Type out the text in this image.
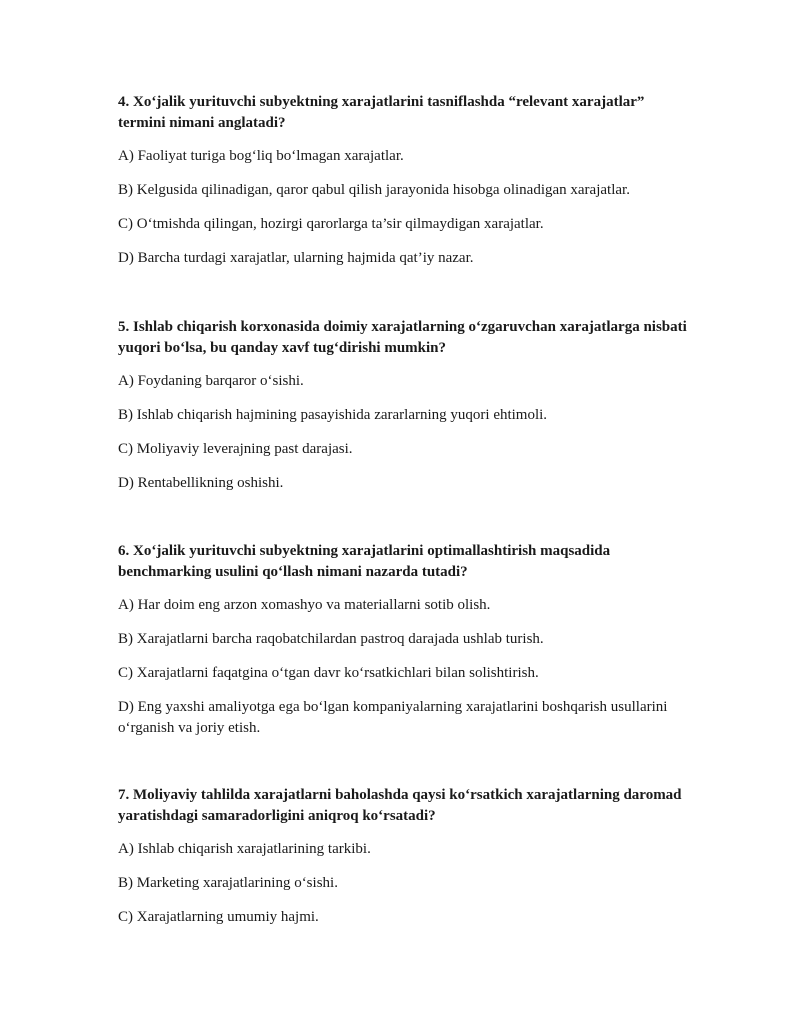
4. Xo‘jalik yurituvchi subyektning xarajatlarini tasniflashda “relevant xarajatlar” termini nimani anglatadi?

A) Faoliyat turiga bog‘liq bo‘lmagan xarajatlar.

B) Kelgusida qilinadigan, qaror qabul qilish jarayonida hisobga olinadigan xarajatlar.

C) O‘tmishda qilingan, hozirgi qarorlarga ta’sir qilmaydigan xarajatlar.

D) Barcha turdagi xarajatlar, ularning hajmida qat’iy nazar.

5. Ishlab chiqarish korxonasida doimiy xarajatlarning o‘zgaruvchan xarajatlarga nisbati yuqori bo‘lsa, bu qanday xavf tug‘dirishi mumkin?

A) Foydaning barqaror o‘sishi.

B) Ishlab chiqarish hajmining pasayishida zararlarning yuqori ehtimoli.

C) Moliyaviy leverajning past darajasi.

D) Rentabellikning oshishi.

6. Xo‘jalik yurituvchi subyektning xarajatlarini optimallashtirish maqsadida benchmarking usulini qo‘llash nimani nazarda tutadi?

A) Har doim eng arzon xomashyo va materiallarni sotib olish.

B) Xarajatlarni barcha raqobatchilardan pastroq darajada ushlab turish.

C) Xarajatlarni faqatgina o‘tgan davr ko‘rsatkichlari bilan solishtirish.

D) Eng yaxshi amaliyotga ega bo‘lgan kompaniyalarning xarajatlarini boshqarish usullarini o‘rganish va joriy etish.

7. Moliyaviy tahlilda xarajatlarni baholashda qaysi ko‘rsatkich xarajatlarning daromad yaratishdagi samaradorligini aniqroq ko‘rsatadi?

A) Ishlab chiqarish xarajatlarining tarkibi.

B) Marketing xarajatlarining o‘sishi.

C) Xarajatlarning umumiy hajmi.
